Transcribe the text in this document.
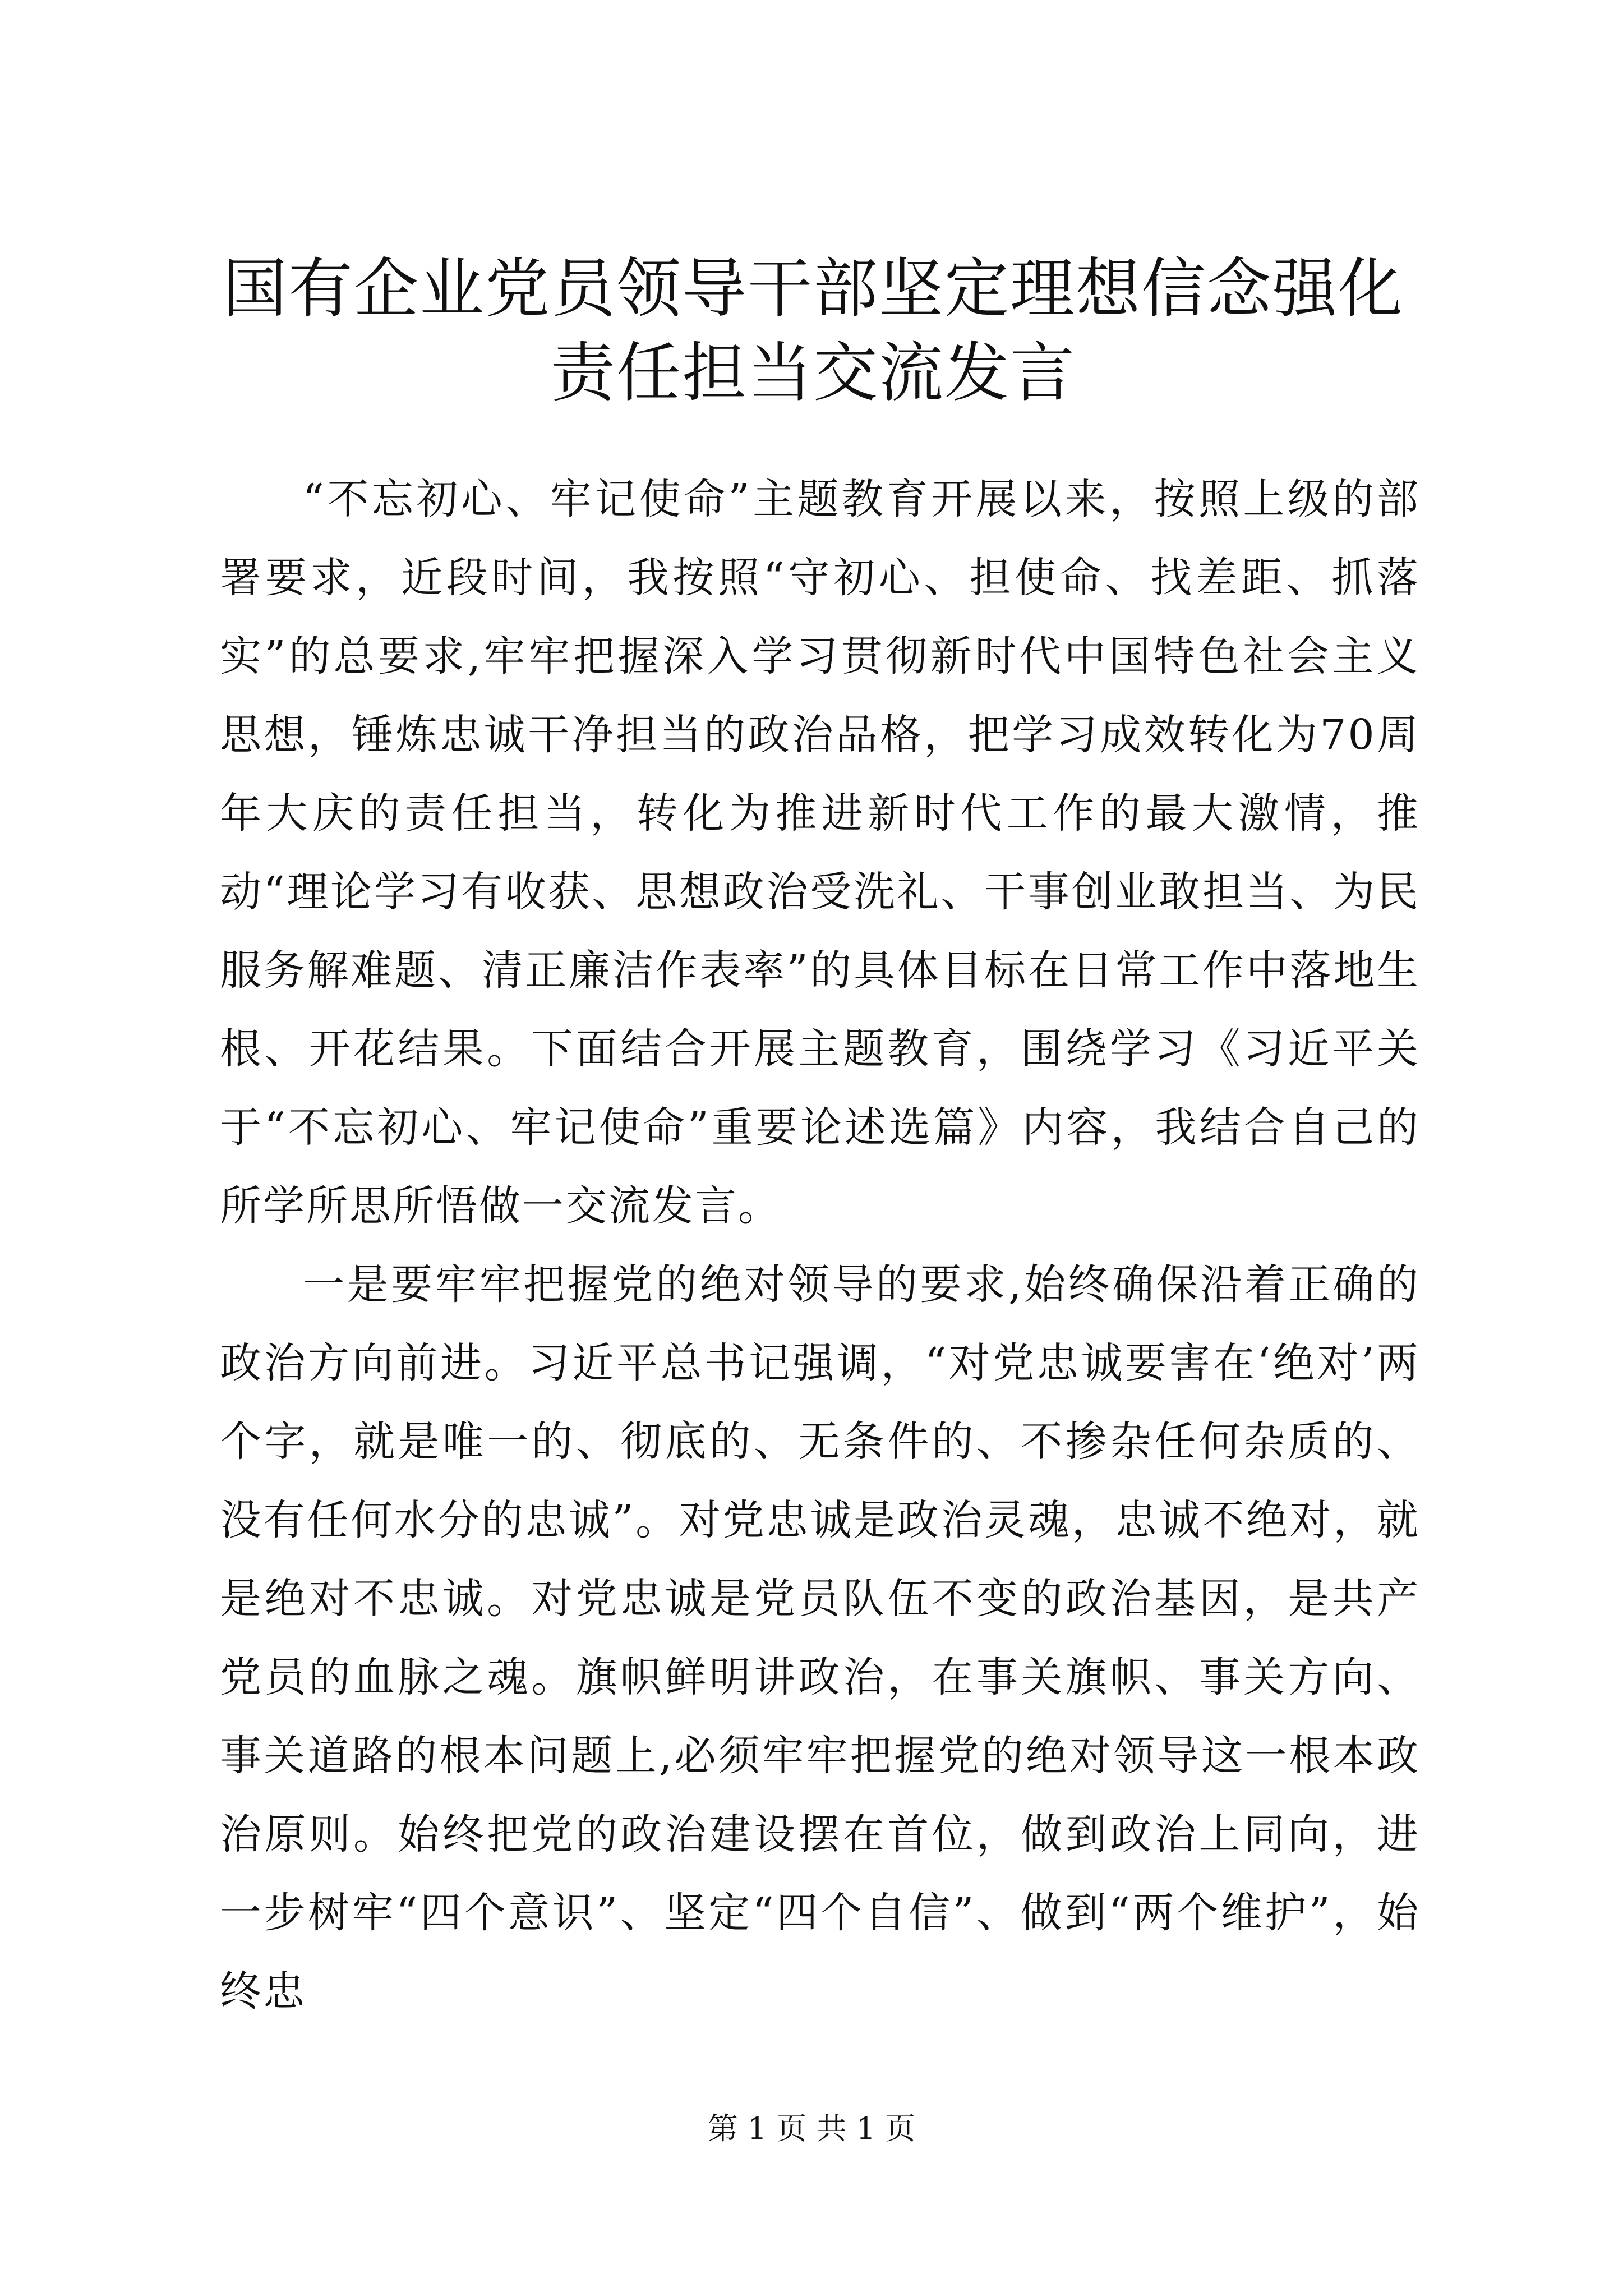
国有企业党员领导干部坚定理想信念强化责任担当交流发言

“不忘初心、牢记使命”主题教育开展以来，按照上级的部署要求，近段时间，我按照“守初心、担使命、找差距、抓落实”的总要求,牢牢把握深入学习贯彻新时代中国特色社会主义思想，锤炼忠诚干净担当的政治品格，把学习成效转化为70周年大庆的责任担当，转化为推进新时代工作的最大激情，推动“理论学习有收获、思想政治受洗礼、干事创业敢担当、为民服务解难题、清正廉洁作表率”的具体目标在日常工作中落地生根、开花结果。下面结合开展主题教育，围绕学习《习近平关于“不忘初心、牢记使命”重要论述选篇》内容，我结合自己的所学所思所悟做一交流发言。

一是要牢牢把握党的绝对领导的要求,始终确保沿着正确的政治方向前进。习近平总书记强调，“对党忠诚要害在‘绝对’两个字，就是唯一的、彻底的、无条件的、不掺杂任何杂质的、没有任何水分的忠诚”。对党忠诚是政治灵魂，忠诚不绝对，就是绝对不忠诚。对党忠诚是党员队伍不变的政治基因，是共产党员的血脉之魂。旗帜鲜明讲政治，在事关旗帜、事关方向、事关道路的根本问题上,必须牢牢把握党的绝对领导这一根本政治原则。始终把党的政治建设摆在首位，做到政治上同向，进一步树牢“四个意识”、坚定“四个自信”、做到“两个维护”，始终忠

第 1 页 共 1 页
